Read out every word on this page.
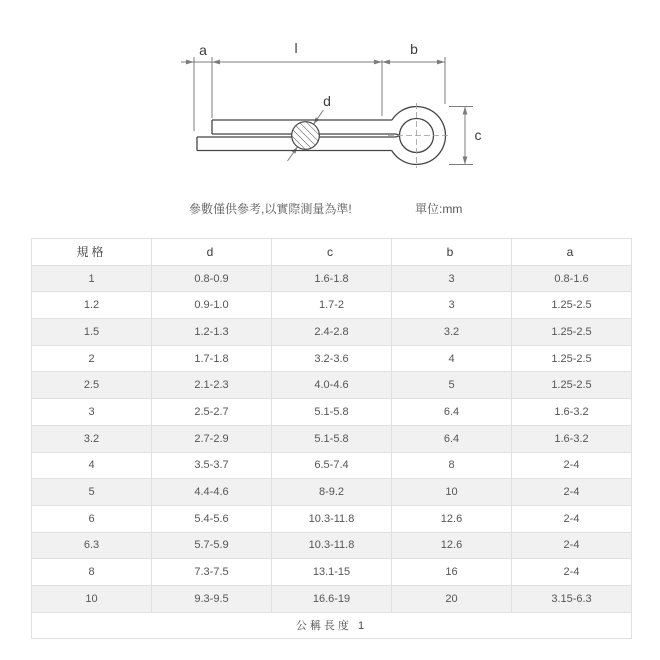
a	l	b
c
d
參數僅供參考,以實際測量為準!	單位:mm
規格	d	c	b	a
1	0.8-0.9	1.6-1.8	3	0.8-1.6
1.2	0.9-1.0	1.7-2	3	1.25-2.5
1.5	1.2-1.3	2.4-2.8	3.2	1.25-2.5
2	1.7-1.8	3.2-3.6	4	1.25-2.5
2.5	2.1-2.3	4.0-4.6	5	1.25-2.5
3	2.5-2.7	5.1-5.8	6.4	1.6-3.2
3.2	2.7-2.9	5.1-5.8	6.4	1.6-3.2
4	3.5-3.7	6.5-7.4	8	2-4
5	4.4-4.6	8-9.2	10	2-4
6	5.4-5.6	10.3-11.8	12.6	2-4
6.3	5.7-5.9	10.3-11.8	12.6	2-4
8	7.3-7.5	13.1-15	16	2-4
10	9.3-9.5	16.6-19	20	3.15-6.3
公稱長度 1				
